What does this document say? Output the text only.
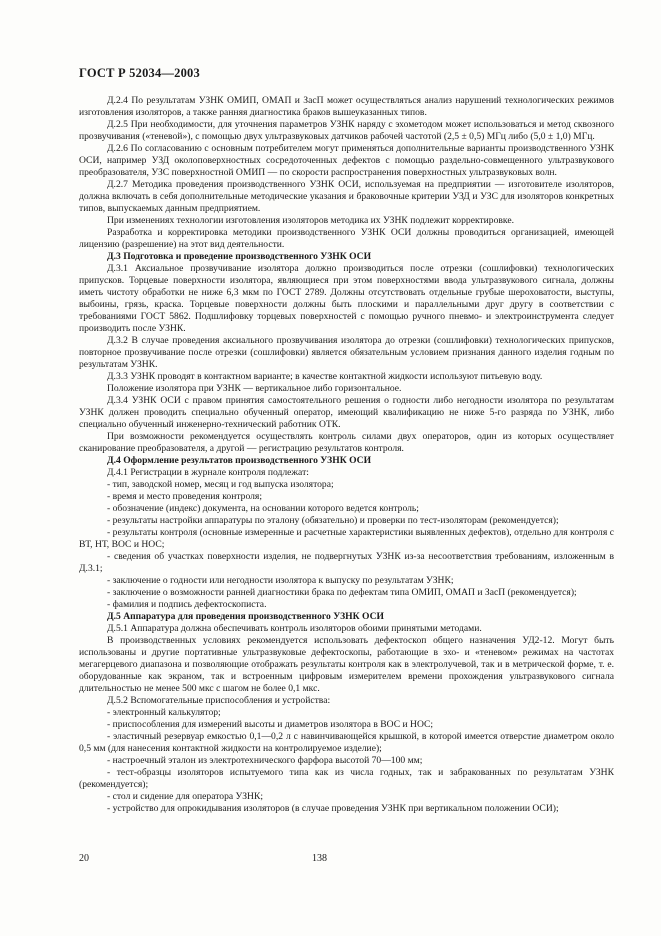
ГОСТ Р 52034—2003

Д.2.4 По результатам УЗНК ОМИП, ОМАП и ЗасП может осуществляться анализ нарушений технологических режимов изготовления изоляторов, а также ранняя диагностика браков вышеуказанных типов.

Д.2.5 При необходимости, для уточнения параметров УЗНК наряду с эхометодом может использоваться и метод сквозного прозвучивания («теневой»), с помощью двух ультразвуковых датчиков рабочей частотой (2,5 ± 0,5) МГц либо (5,0 ± 1,0) МГц.

Д.2.6 По согласованию с основным потребителем могут применяться дополнительные варианты производственного УЗНК ОСИ, например УЗД околоповерхностных сосредоточенных дефектов с помощью раздельно-совмещенного ультразвукового преобразователя, УЗС поверхностной ОМИП — по скорости распространения поверхностных ультразвуковых волн.

Д.2.7 Методика проведения производственного УЗНК ОСИ, используемая на предприятии — изготовителе изоляторов, должна включать в себя дополнительные методические указания и браковочные критерии УЗД и УЗС для изоляторов конкретных типов, выпускаемых данным предприятием.

При изменениях технологии изготовления изоляторов методика их УЗНК подлежит корректировке.

Разработка и корректировка методики производственного УЗНК ОСИ должны проводиться организацией, имеющей лицензию (разрешение) на этот вид деятельности.

Д.3 Подготовка и проведение производственного УЗНК ОСИ

Д.3.1 Аксиальное прозвучивание изолятора должно производиться после отрезки (сошлифовки) технологических припусков. Торцевые поверхности изолятора, являющиеся при этом поверхностями ввода ультразвукового сигнала, должны иметь чистоту обработки не ниже 6,3 мкм по ГОСТ 2789. Должны отсутствовать отдельные грубые шероховатости, выступы, выбоины, грязь, краска. Торцевые поверхности должны быть плоскими и параллельными друг другу в соответствии с требованиями ГОСТ 5862. Подшлифовку торцевых поверхностей с помощью ручного пневмо- и электроинструмента следует производить после УЗНК.

Д.3.2 В случае проведения аксиального прозвучивания изолятора до отрезки (сошлифовки) технологических припусков, повторное прозвучивание после отрезки (сошлифовки) является обязательным условием признания данного изделия годным по результатам УЗНК.

Д.3.3 УЗНК проводят в контактном варианте; в качестве контактной жидкости используют питьевую воду.

Положение изолятора при УЗНК — вертикальное либо горизонтальное.

Д.3.4 УЗНК ОСИ с правом принятия самостоятельного решения о годности либо негодности изолятора по результатам УЗНК должен проводить специально обученный оператор, имеющий квалификацию не ниже 5-го разряда по УЗНК, либо специально обученный инженерно-технический работник ОТК.

При возможности рекомендуется осуществлять контроль силами двух операторов, один из которых осуществляет сканирование преобразователя, а другой — регистрацию результатов контроля.

Д.4 Оформление результатов производственного УЗНК ОСИ

Д.4.1 Регистрации в журнале контроля подлежат:

- тип, заводской номер, месяц и год выпуска изолятора;

- время и место проведения контроля;

- обозначение (индекс) документа, на основании которого ведется контроль;

- результаты настройки аппаратуры по эталону (обязательно) и проверки по тест-изоляторам (рекомендуется);

- результаты контроля (основные измеренные и расчетные характеристики выявленных дефектов), отдельно для контроля с ВТ, НТ, ВОС и НОС;

- сведения об участках поверхности изделия, не подвергнутых УЗНК из-за несоответствия требованиям, изложенным в Д.3.1;

- заключение о годности или негодности изолятора к выпуску по результатам УЗНК;

- заключение о возможности ранней диагностики брака по дефектам типа ОМИП, ОМАП и ЗасП (рекомендуется);

- фамилия и подпись дефектоскописта.

Д.5 Аппаратура для проведения производственного УЗНК ОСИ

Д.5.1 Аппаратура должна обеспечивать контроль изоляторов обоими принятыми методами.

В производственных условиях рекомендуется использовать дефектоскоп общего назначения УД2-12. Могут быть использованы и другие портативные ультразвуковые дефектоскопы, работающие в эхо- и «теневом» режимах на частотах мегагерцевого диапазона и позволяющие отображать результаты контроля как в электролучевой, так и в метрической форме, т. е. оборудованные как экраном, так и встроенным цифровым измерителем времени прохождения ультразвукового сигнала длительностью не менее 500 мкс с шагом не более 0,1 мкс.

Д.5.2 Вспомогательные приспособления и устройства:

- электронный калькулятор;

- приспособления для измерений высоты и диаметров изолятора в ВОС и НОС;

- эластичный резервуар емкостью 0,1—0,2 л с навинчивающейся крышкой, в которой имеется отверстие диаметром около 0,5 мм (для нанесения контактной жидкости на контролируемое изделие);

- настроечный эталон из электротехнического фарфора высотой 70—100 мм;

- тест-образцы изоляторов испытуемого типа как из числа годных, так и забракованных по результатам УЗНК (рекомендуется);

- стол и сидение для оператора УЗНК;

- устройство для опрокидывания изоляторов (в случае проведения УЗНК при вертикальном положении ОСИ);

20	138
